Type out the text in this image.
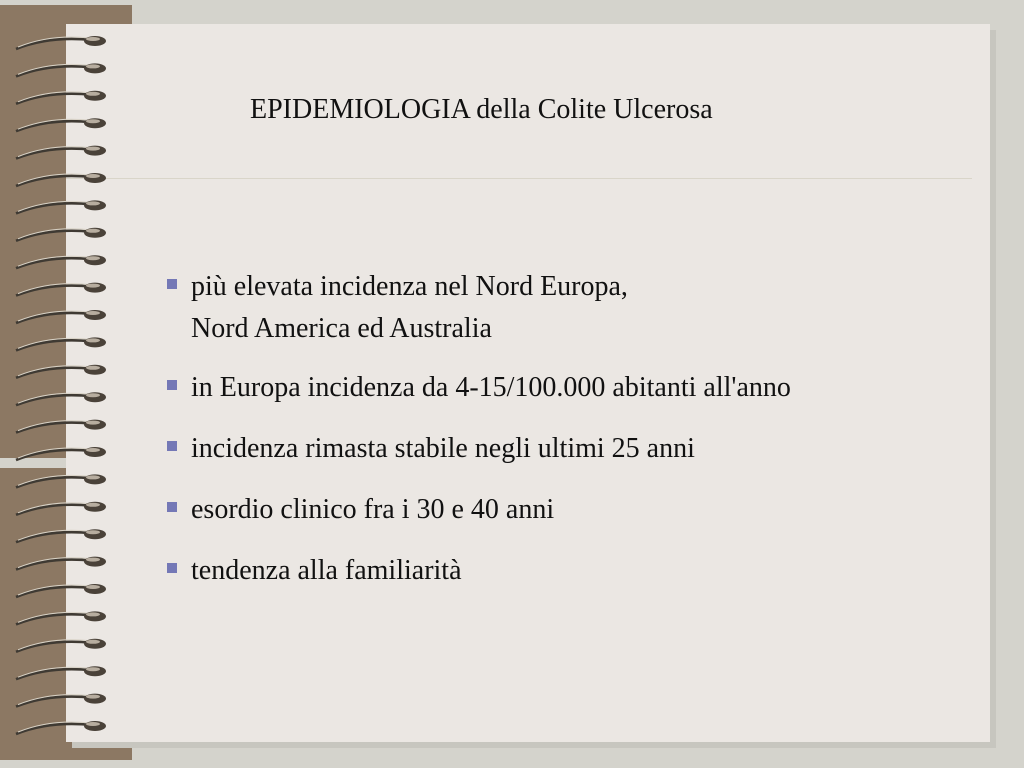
EPIDEMIOLOGIA della Colite Ulcerosa
più elevata incidenza nel Nord Europa,
Nord America ed Australia
in Europa incidenza da 4-15/100.000 abitanti all'anno
incidenza rimasta stabile negli ultimi 25 anni
esordio clinico fra i 30 e 40 anni
tendenza alla familiarità
